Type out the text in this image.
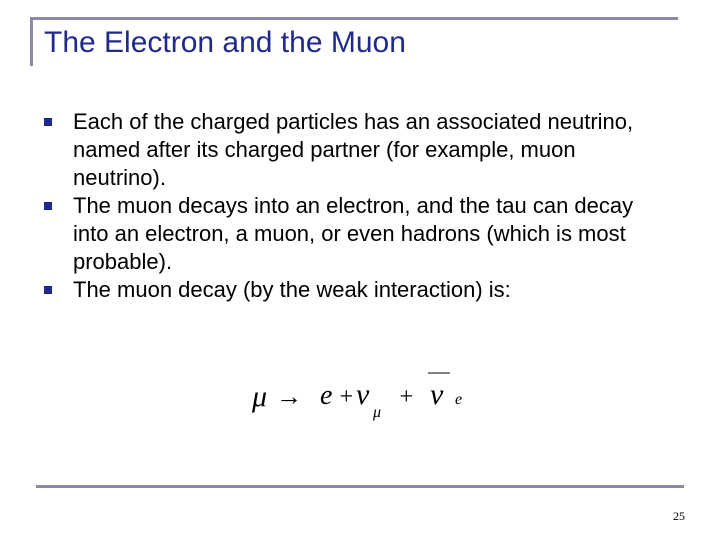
The Electron and the Muon
Each of the charged particles has an associated neutrino, named after its charged partner (for example, muon neutrino).
The muon decays into an electron, and the tau can decay into an electron, a muon, or even hadrons (which is most probable).
The muon decay (by the weak interaction) is:
μ → e + ν
μ
+ ν e
25
